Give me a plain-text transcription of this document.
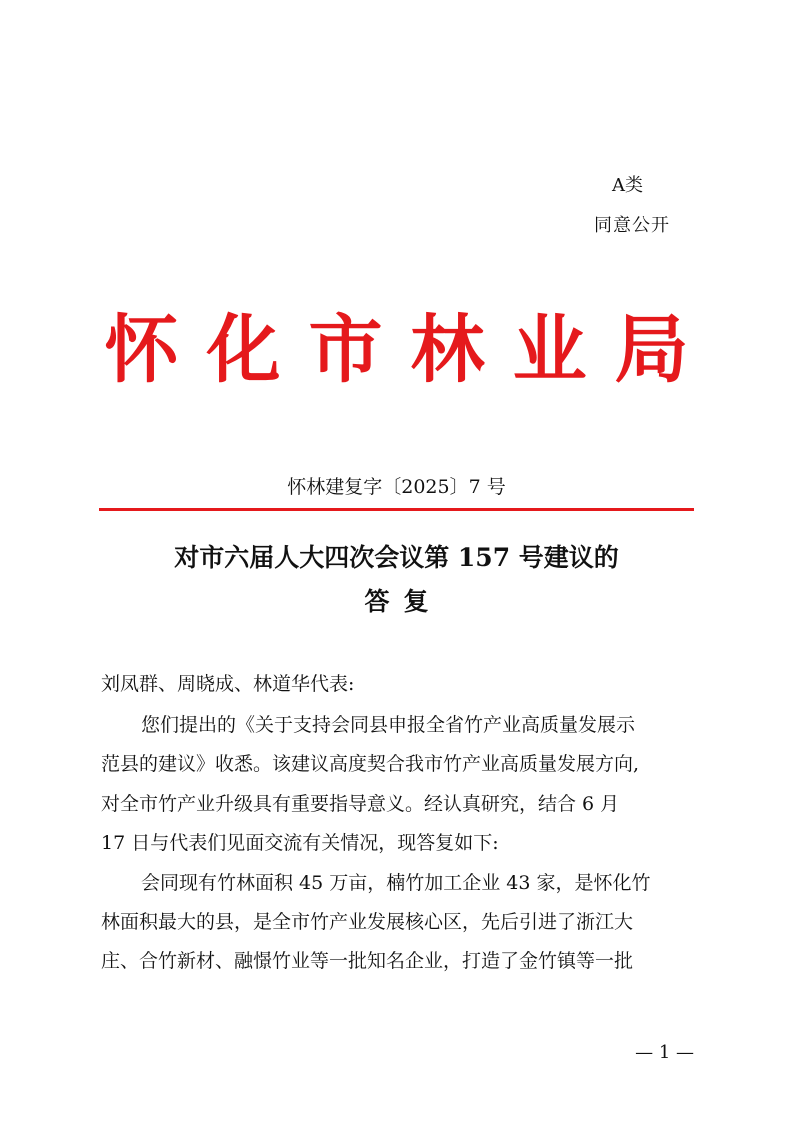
A类
同意公开
怀化市林业局
怀林建复字〔2025〕7 号
对市六届人大四次会议第 157 号建议的
答复
刘凤群、周晓成、林道华代表:
您们提出的《关于支持会同县申报全省竹产业高质量发展示
范县的建议》收悉。该建议高度契合我市竹产业高质量发展方向,
对全市竹产业升级具有重要指导意义。经认真研究，结合 6 月
17 日与代表们见面交流有关情况，现答复如下:
会同现有竹林面积 45 万亩，楠竹加工企业 43 家，是怀化竹
林面积最大的县，是全市竹产业发展核心区，先后引进了浙江大
庄、合竹新材、融憬竹业等一批知名企业，打造了金竹镇等一批
— 1 —
